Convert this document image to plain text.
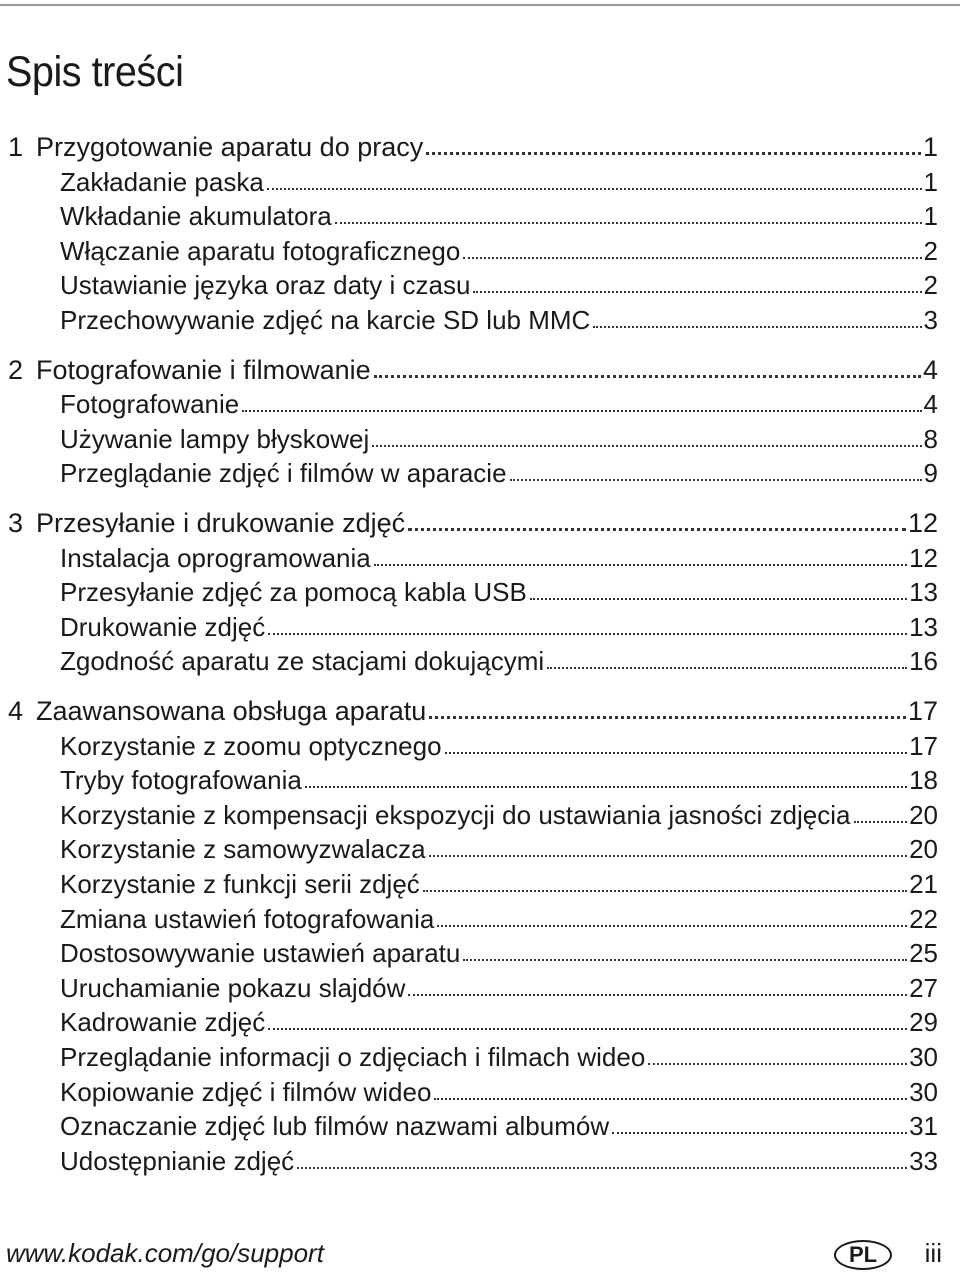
Spis treści
1 Przygotowanie aparatu do pracy	1
Zakładanie paska	1
Wkładanie akumulatora	1
Włączanie aparatu fotograficznego	2
Ustawianie języka oraz daty i czasu	2
Przechowywanie zdjęć na karcie SD lub MMC	3
2 Fotografowanie i filmowanie	4
Fotografowanie	4
Używanie lampy błyskowej	8
Przeglądanie zdjęć i filmów w aparacie	9
3 Przesyłanie i drukowanie zdjęć	12
Instalacja oprogramowania	12
Przesyłanie zdjęć za pomocą kabla USB	13
Drukowanie zdjęć	13
Zgodność aparatu ze stacjami dokującymi	16
4 Zaawansowana obsługa aparatu	17
Korzystanie z zoomu optycznego	17
Tryby fotografowania	18
Korzystanie z kompensacji ekspozycji do ustawiania jasności zdjęcia 20
Korzystanie z samowyzwalacza	20
Korzystanie z funkcji serii zdjęć	21
Zmiana ustawień fotografowania	22
Dostosowywanie ustawień aparatu	25
Uruchamianie pokazu slajdów	27
Kadrowanie zdjęć	29
Przeglądanie informacji o zdjęciach i filmach wideo	30
Kopiowanie zdjęć i filmów wideo	30
Oznaczanie zdjęć lub filmów nazwami albumów	31
Udostępnianie zdjęć	33
www.kodak.com/go/support	PL	iii
